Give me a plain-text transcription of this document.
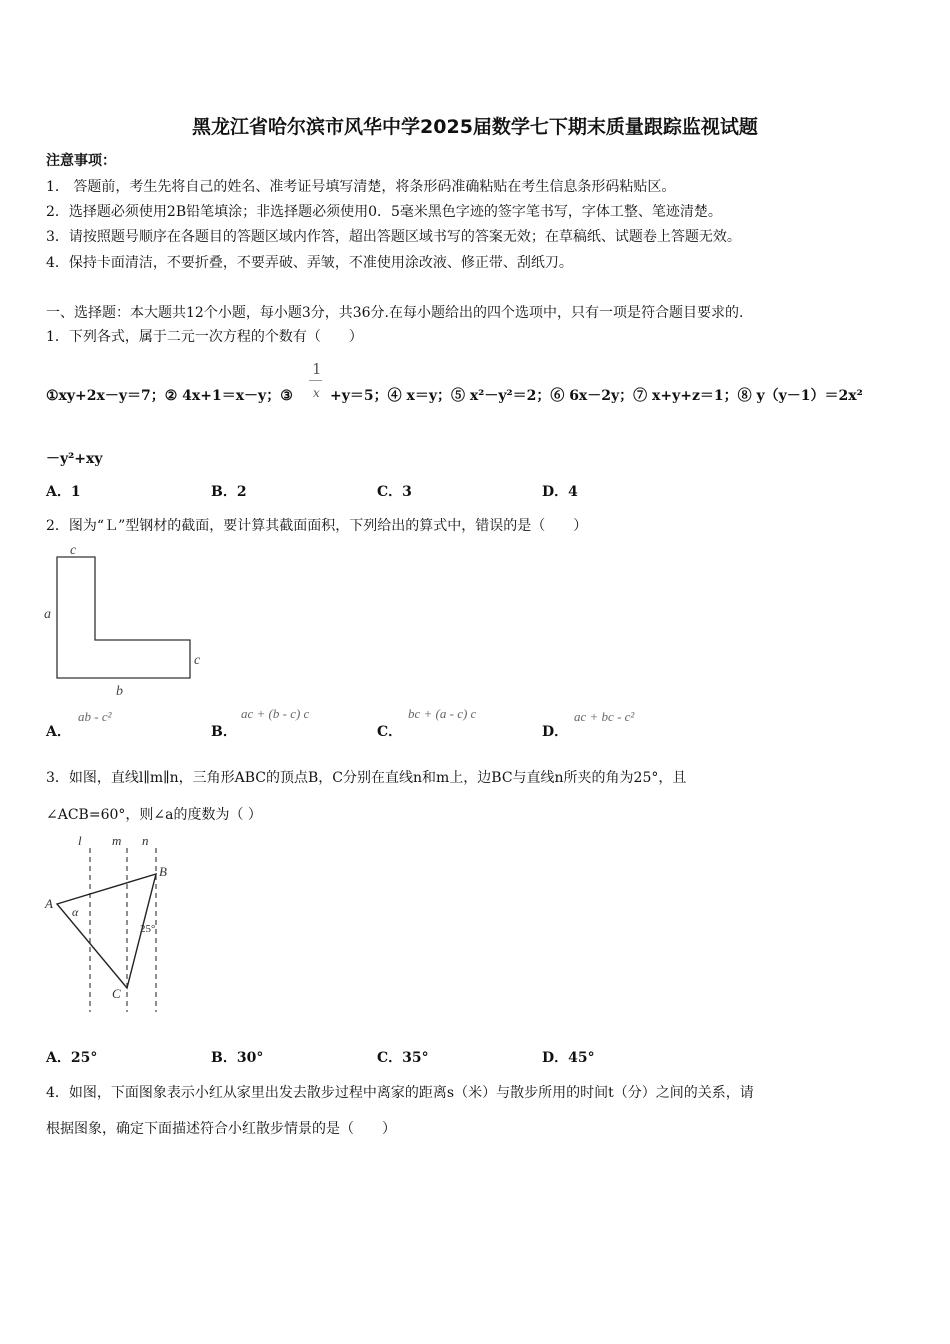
黑龙江省哈尔滨市风华中学2025届数学七下期末质量跟踪监视试题
注意事项：
1． 答题前，考生先将自己的姓名、准考证号填写清楚，将条形码准确粘贴在考生信息条形码粘贴区。
2．选择题必须使用2B铅笔填涂；非选择题必须使用0．5毫米黑色字迹的签字笔书写，字体工整、笔迹清楚。
3．请按照题号顺序在各题目的答题区域内作答，超出答题区域书写的答案无效；在草稿纸、试题卷上答题无效。
4．保持卡面清洁，不要折叠，不要弄破、弄皱，不准使用涂改液、修正带、刮纸刀。
一、选择题：本大题共12个小题，每小题3分，共36分.在每小题给出的四个选项中，只有一项是符合题目要求的.
1．下列各式，属于二元一次方程的个数有（　　）
①xy+2x－y＝7；② 4x+1＝x－y；③
1
x +y＝5；④ x＝y；⑤ x²－y²＝2；⑥ 6x－2y；⑦ x+y+z＝1；⑧ y（y－1）＝2x²
－y²+xy
A．1	B．2	C．3	D．4
2．图为“Ｌ”型钢材的截面，要计算其截面面积，下列给出的算式中，错误的是（　　）
c
a
c
b
A．
ab - c²
B．
ac + (b - c) c
C．
bc + (a - c) c
D．
ac + bc - c²
3．如图，直线l∥m∥n，三角形ABC的顶点B，C分别在直线n和m上，边BC与直线n所夹的角为25°，且
∠ACB=60°，则∠a的度数为（ ）
l m n
A
B
C
α
25°
A．25°	B．30°	C．35°	D．45°
4．如图，下面图象表示小红从家里出发去散步过程中离家的距离s（米）与散步所用的时间t（分）之间的关系，请
根据图象，确定下面描述符合小红散步情景的是（　　）
